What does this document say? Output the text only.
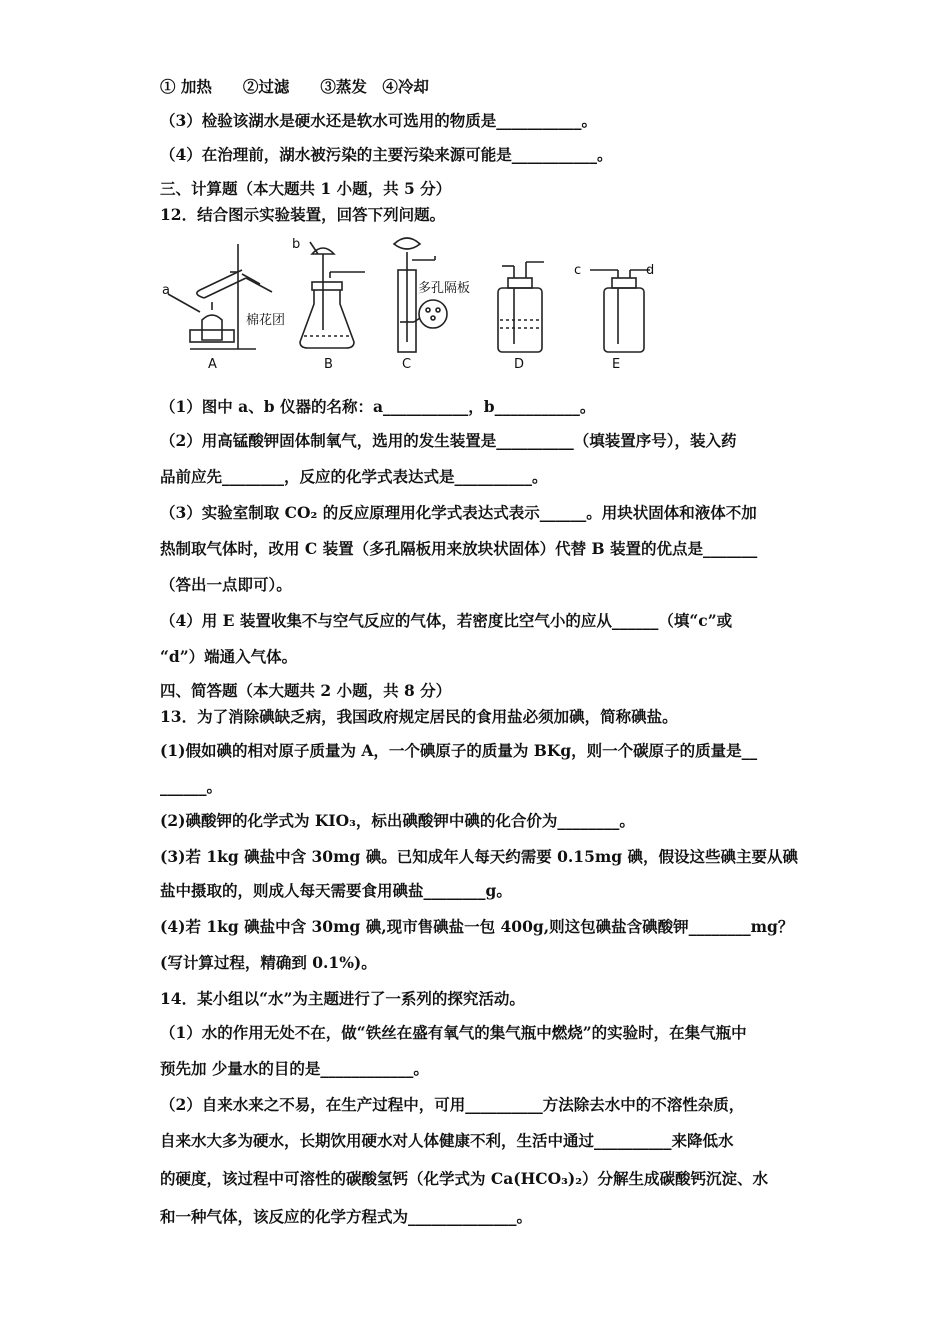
① 加热　　②过滤　　③蒸发　④冷却
（3）检验该湖水是硬水还是软水可选用的物质是___________。
（4）在治理前，湖水被污染的主要污染来源可能是___________。
三、计算题（本大题共 1 小题，共 5 分）
12．结合图示实验装置，回答下列问题。
a
b
c	d
棉花团
多孔隔板
A	B	C	D	E
（1）图中 a、b 仪器的名称：a___________，b___________。
（2）用高锰酸钾固体制氧气，选用的发生装置是__________（填装置序号），装入药
品前应先________，反应的化学式表达式是__________。
（3）实验室制取 CO₂ 的反应原理用化学式表达式表示______。用块状固体和液体不加
热制取气体时，改用 C 装置（多孔隔板用来放块状固体）代替 B 装置的优点是_______
（答出一点即可）。
（4）用 E 装置收集不与空气反应的气体，若密度比空气小的应从______（填“c”或
“d”）端通入气体。
四、简答题（本大题共 2 小题，共 8 分）
13．为了消除碘缺乏病，我国政府规定居民的食用盐必须加碘，简称碘盐。
(1)假如碘的相对原子质量为 A，一个碘原子的质量为 BKg，则一个碳原子的质量是__
______。
(2)碘酸钾的化学式为 KIO₃，标出碘酸钾中碘的化合价为________。
(3)若 1kg 碘盐中含 30mg 碘。已知成年人每天约需要 0.15mg 碘，假设这些碘主要从碘
盐中摄取的，则成人每天需要食用碘盐________g。
(4)若 1kg 碘盐中含 30mg 碘,现市售碘盐一包 400g,则这包碘盐含碘酸钾________mg？
(写计算过程，精确到 0.1%)。
14．某小组以“水”为主题进行了一系列的探究活动。
（1）水的作用无处不在，做“铁丝在盛有氧气的集气瓶中燃烧”的实验时，在集气瓶中
预先加 少量水的目的是____________。
（2）自来水来之不易，在生产过程中，可用__________方法除去水中的不溶性杂质，
自来水大多为硬水，长期饮用硬水对人体健康不利，生活中通过__________来降低水
的硬度，该过程中可溶性的碳酸氢钙（化学式为 Ca(HCO₃)₂）分解生成碳酸钙沉淀、水
和一种气体，该反应的化学方程式为______________。
